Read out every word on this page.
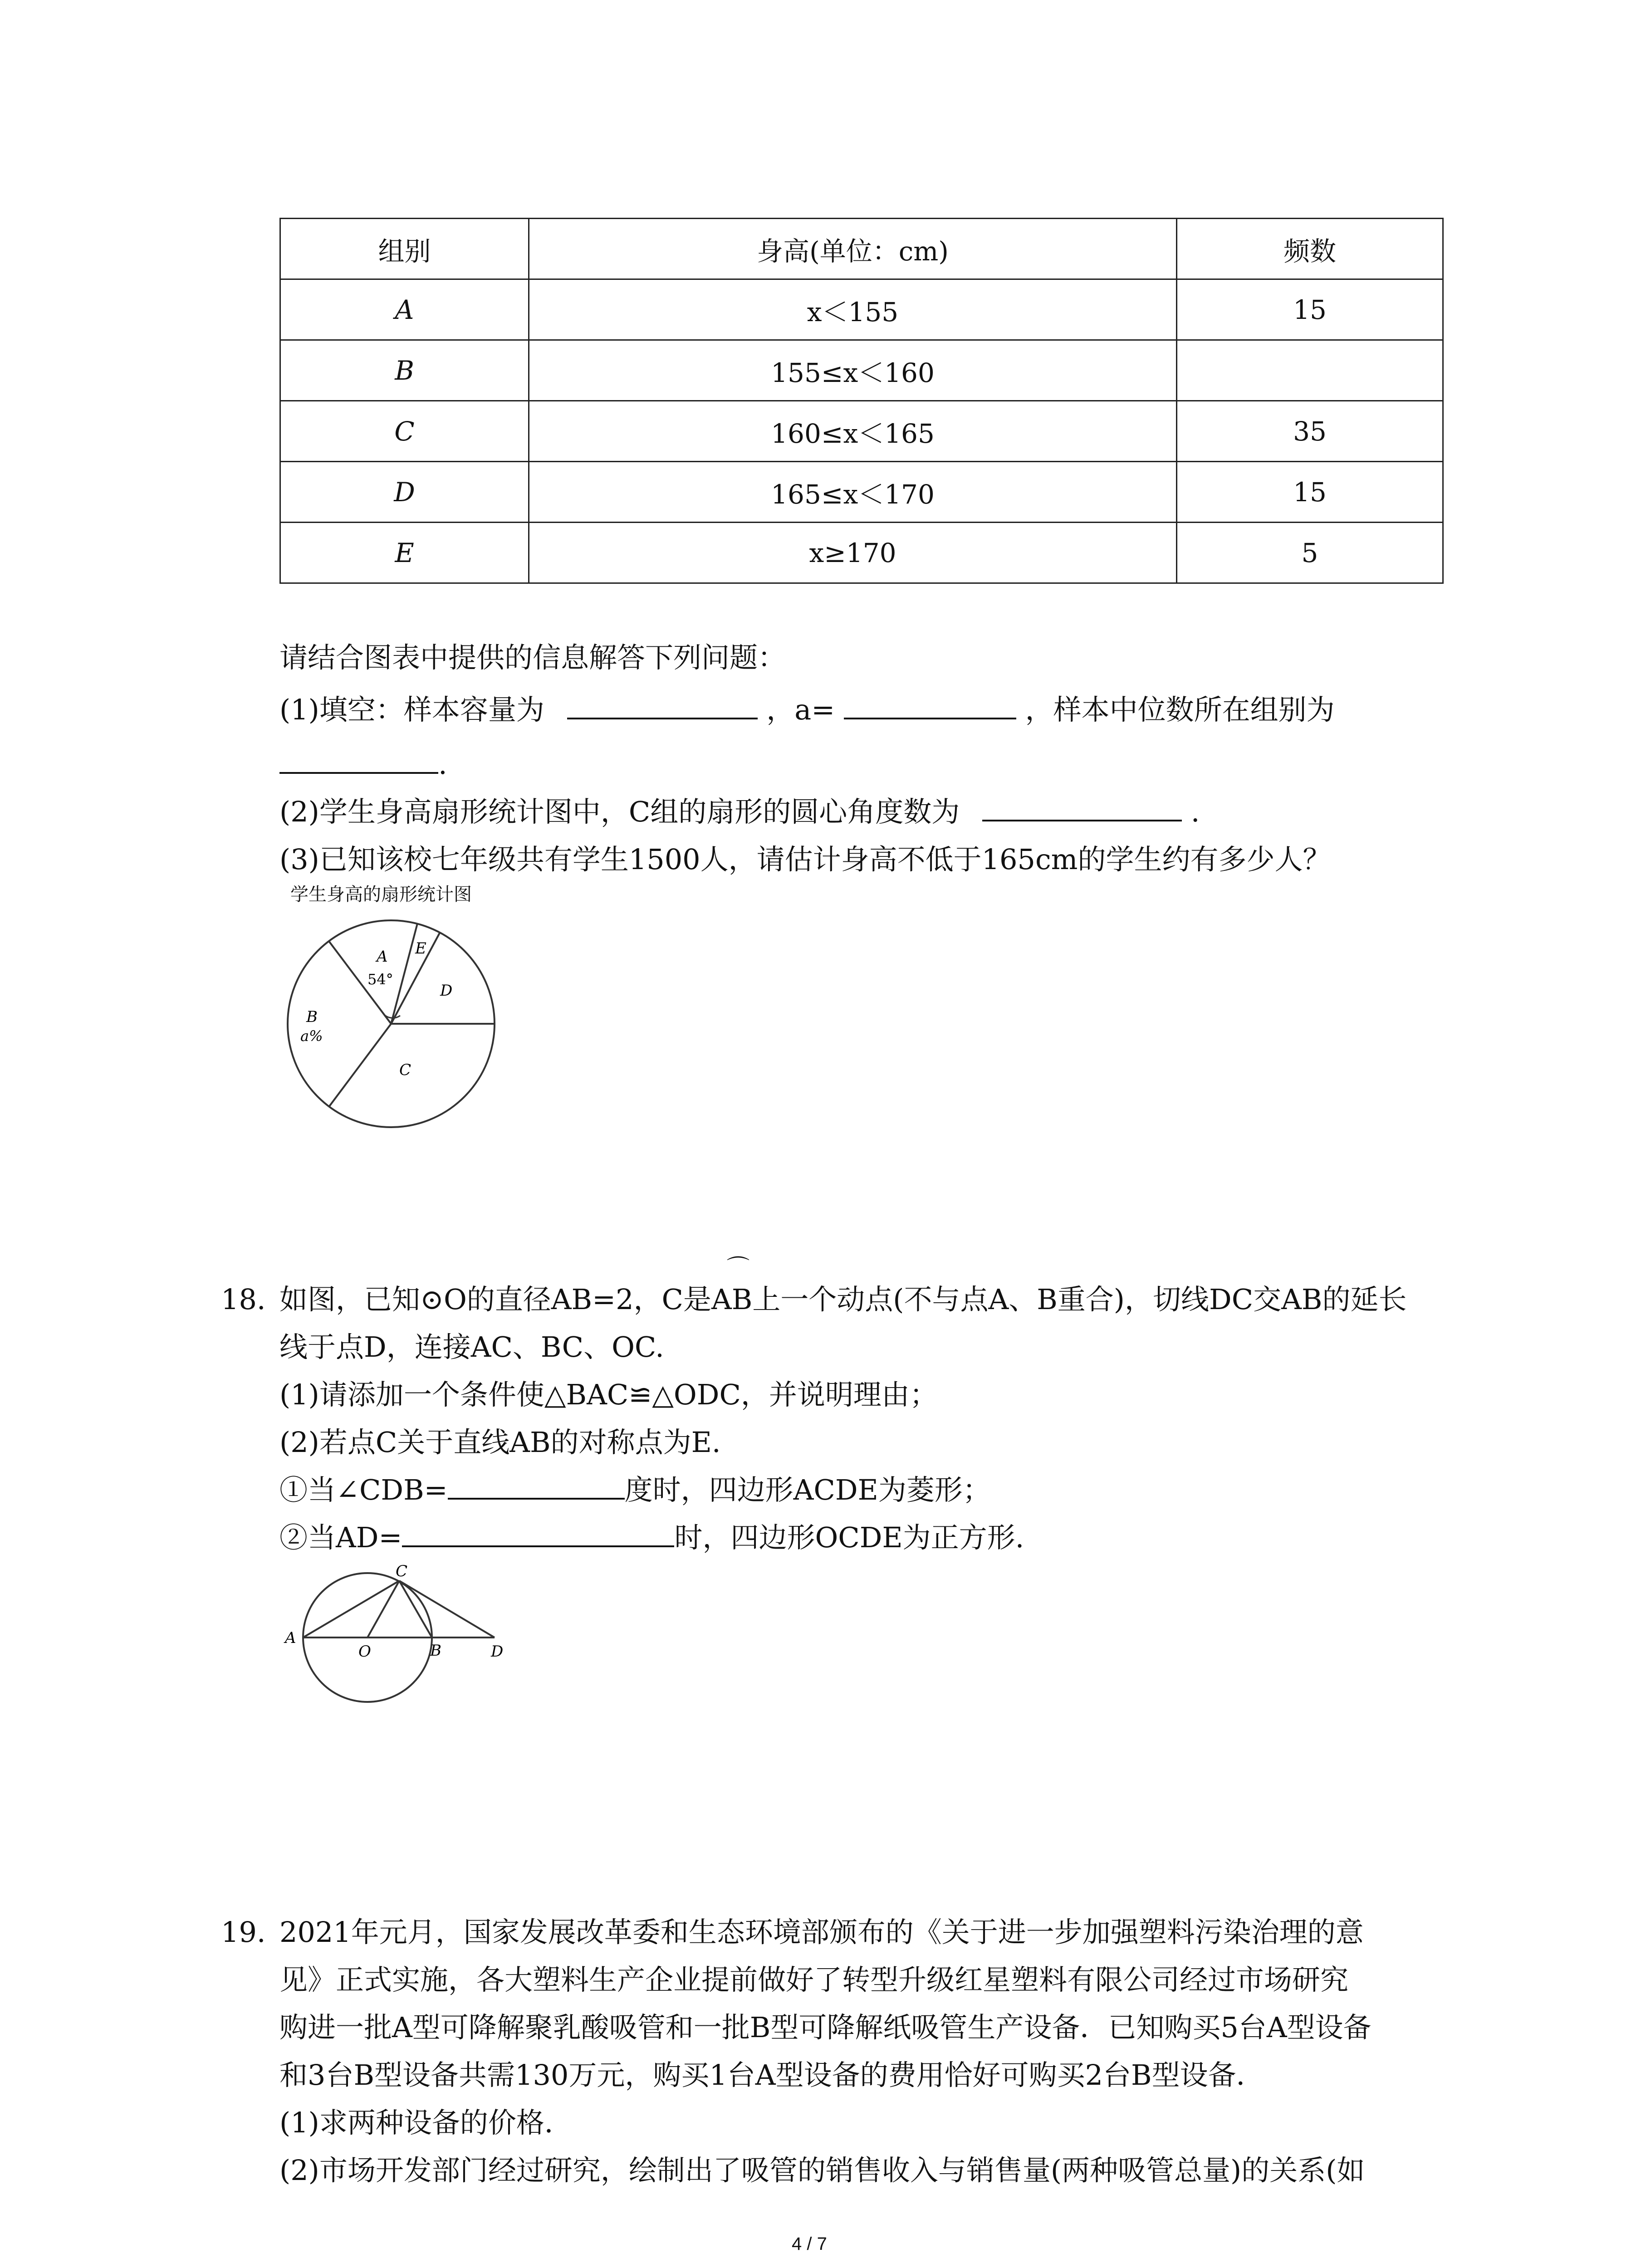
组别	身高(单位：cm)	频数
A	x＜155	15
B	155≤x＜160	
C	160≤x＜165	35
D	165≤x＜170	15
E	x≥170	5
请结合图表中提供的信息解答下列问题：
(1)填空：样本容量为	，a=	，样本中位数所在组别为
.
(2)学生身高扇形统计图中，C组的扇形的圆心角度数为	.
(3)已知该校七年级共有学生1500人，请估计身高不低于165cm的学生约有多少人？
学生身高的扇形统计图
A
54°
E
D
B
a%
C
⌒
18. 如图，已知⊙O的直径AB=2，C是AB上一个动点(不与点A、B重合)，切线DC交AB的延长
线于点D，连接AC、BC、OC.
(1)请添加一个条件使△BAC≌△ODC，并说明理由；
(2)若点C关于直线AB的对称点为E.
①当∠CDB=	度时，四边形ACDE为菱形；
②当AD=	时，四边形OCDE为正方形.
A
O	B
C
D
19. 2021年元月，国家发展改革委和生态环境部颁布的《关于进一步加强塑料污染治理的意
见》正式实施，各大塑料生产企业提前做好了转型升级红星塑料有限公司经过市场研究
购进一批A型可降解聚乳酸吸管和一批B型可降解纸吸管生产设备．已知购买5台A型设备
和3台B型设备共需130万元，购买1台A型设备的费用恰好可购买2台B型设备．
(1)求两种设备的价格．
(2)市场开发部门经过研究，绘制出了吸管的销售收入与销售量(两种吸管总量)的关系(如
4 / 7
